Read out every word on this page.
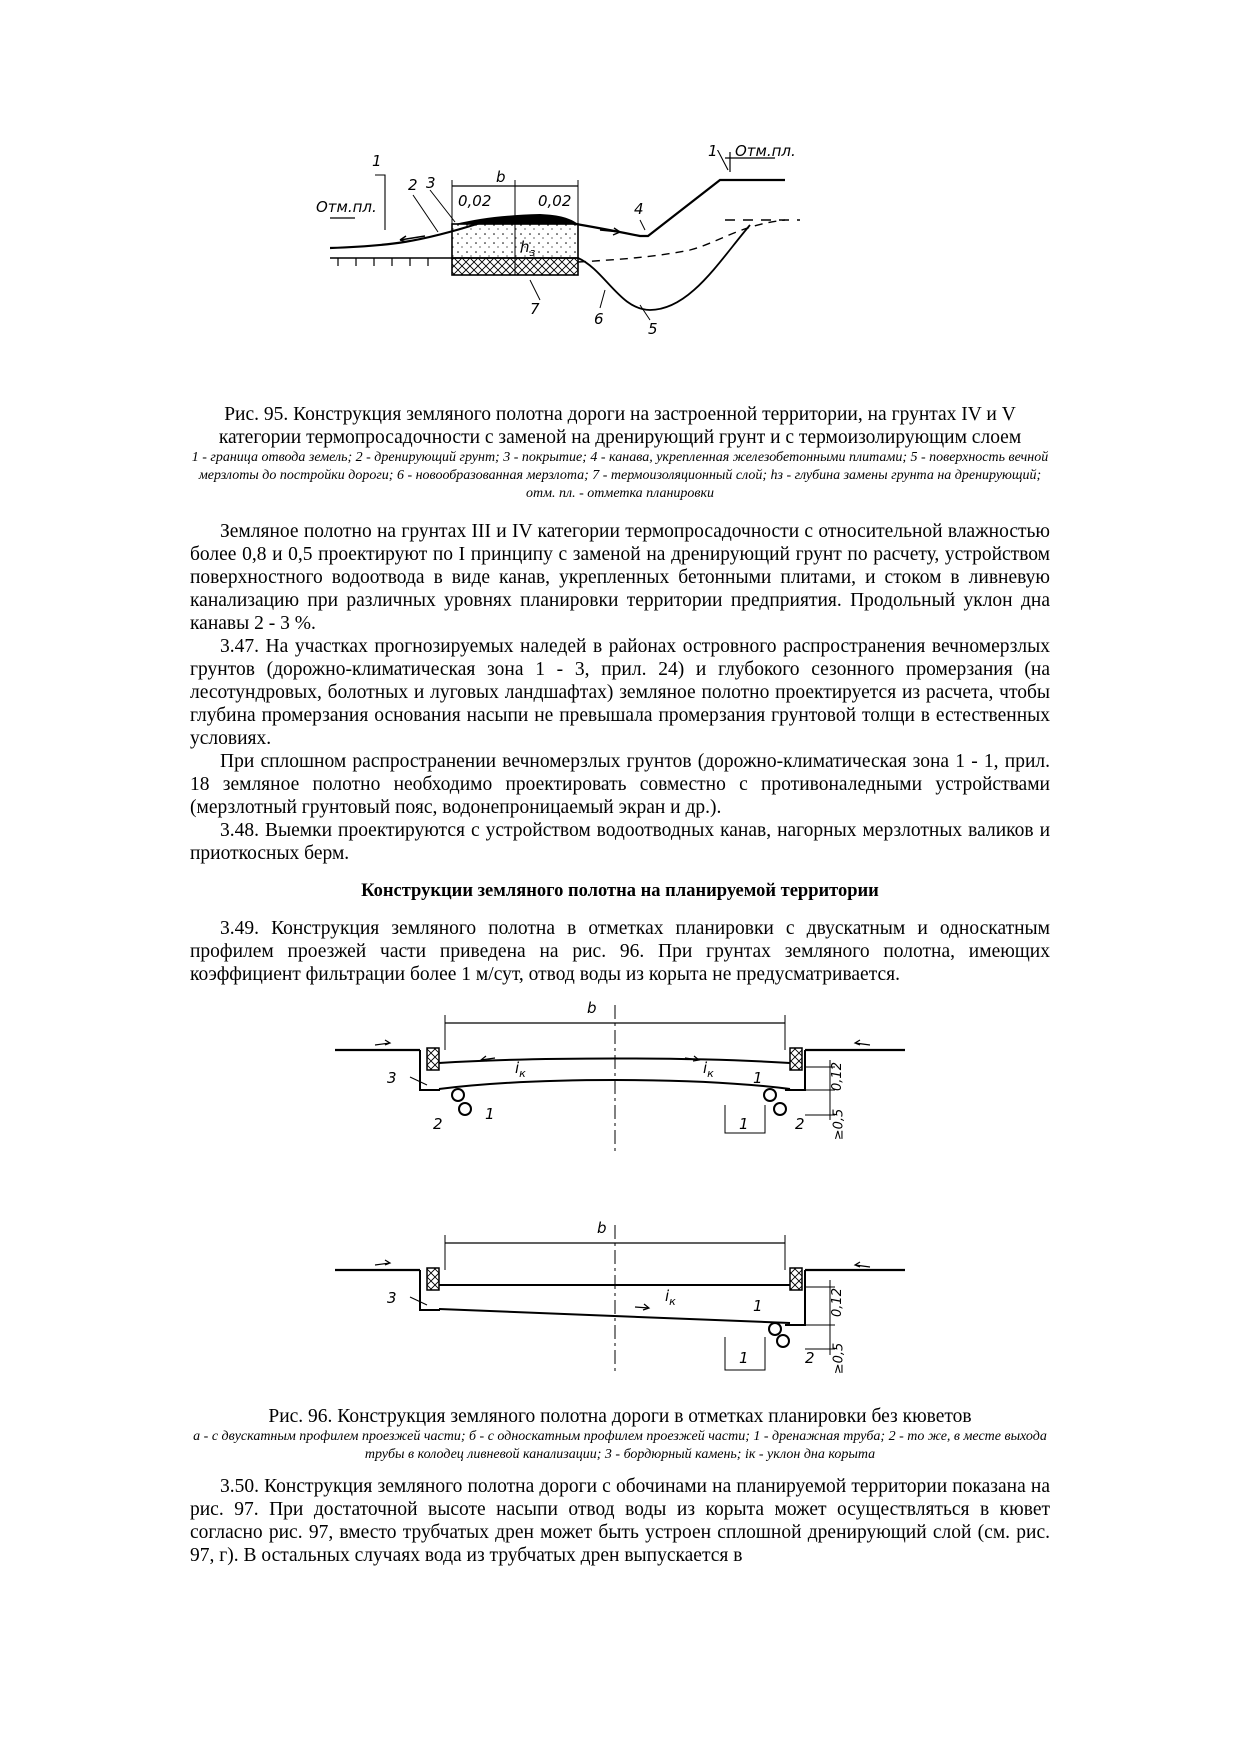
1
1
Отм.пл.
Отм.пл.
2 3	b
0,02	0,02
$h_з$
4
7
6
5
Рис. 95. Конструкция земляного полотна дороги на застроенной территории, на грунтах IV и V категории термопросадочности с заменой на дренирующий грунт и с термоизолирующим слоем
1 - граница отвода земель; 2 - дренирующий грунт; 3 - покрытие; 4 - канава, укрепленная железобетонными плитами; 5 - поверхность вечной мерзлоты до постройки дороги; 6 - новообразованная мерзлота; 7 - термоизоляционный слой; hз - глубина замены грунта на дренирующий; отм. пл. - отметка планировки

Земляное полотно на грунтах III и IV категории термопросадочности с относительной влажностью более 0,8 и 0,5 проектируют по I принципу с заменой на дренирующий грунт по расчету, устройством поверхностного водоотвода в виде канав, укрепленных бетонными плитами, и стоком в ливневую канализацию при различных уровнях планировки территории предприятия. Продольный уклон дна канавы 2 - 3 %.

3.47. На участках прогнозируемых наледей в районах островного распространения вечномерзлых грунтов (дорожно-климатическая зона 1 - 3, прил. 24) и глубокого сезонного промерзания (на лесотундровых, болотных и луговых ландшафтах) земляное полотно проектируется из расчета, чтобы глубина промерзания основания насыпи не превышала промерзания грунтовой толщи в естественных условиях.

При сплошном распространении вечномерзлых грунтов (дорожно-климатическая зона 1 - 1, прил. 18 земляное полотно необходимо проектировать совместно с противоналедными устройствами (мерзлотный грунтовый пояс, водонепроницаемый экран и др.).

3.48. Выемки проектируются с устройством водоотводных канав, нагорных мерзлотных валиков и приоткосных берм.

Конструкции земляного полотна на планируемой территории

3.49. Конструкция земляного полотна в отметках планировки с двускатным и односкатным профилем проезжей части приведена на рис. 96. При грунтах земляного полотна, имеющих коэффициент фильтрации более 1 м/сут, отвод воды из корыта не предусматривается.

b
$i_к$	$i_к$
3
2
1
1
2
1
0,12
≥0,5
b
$i_к$
3	1
2
1
0,12
≥0,5
Рис. 96. Конструкция земляного полотна дороги в отметках планировки без кюветов
а - с двускатным профилем проезжей части; б - с односкатным профилем проезжей части; 1 - дренажная труба; 2 - то же, в месте выхода трубы в колодец ливневой канализации; 3 - бордюрный камень; iк - уклон дна корыта

3.50. Конструкция земляного полотна дороги с обочинами на планируемой территории показана на рис. 97. При достаточной высоте насыпи отвод воды из корыта может осуществляться в кювет согласно рис. 97, вместо трубчатых дрен может быть устроен сплошной дренирующий слой (см. рис. 97, г). В остальных случаях вода из трубчатых дрен выпускается в
